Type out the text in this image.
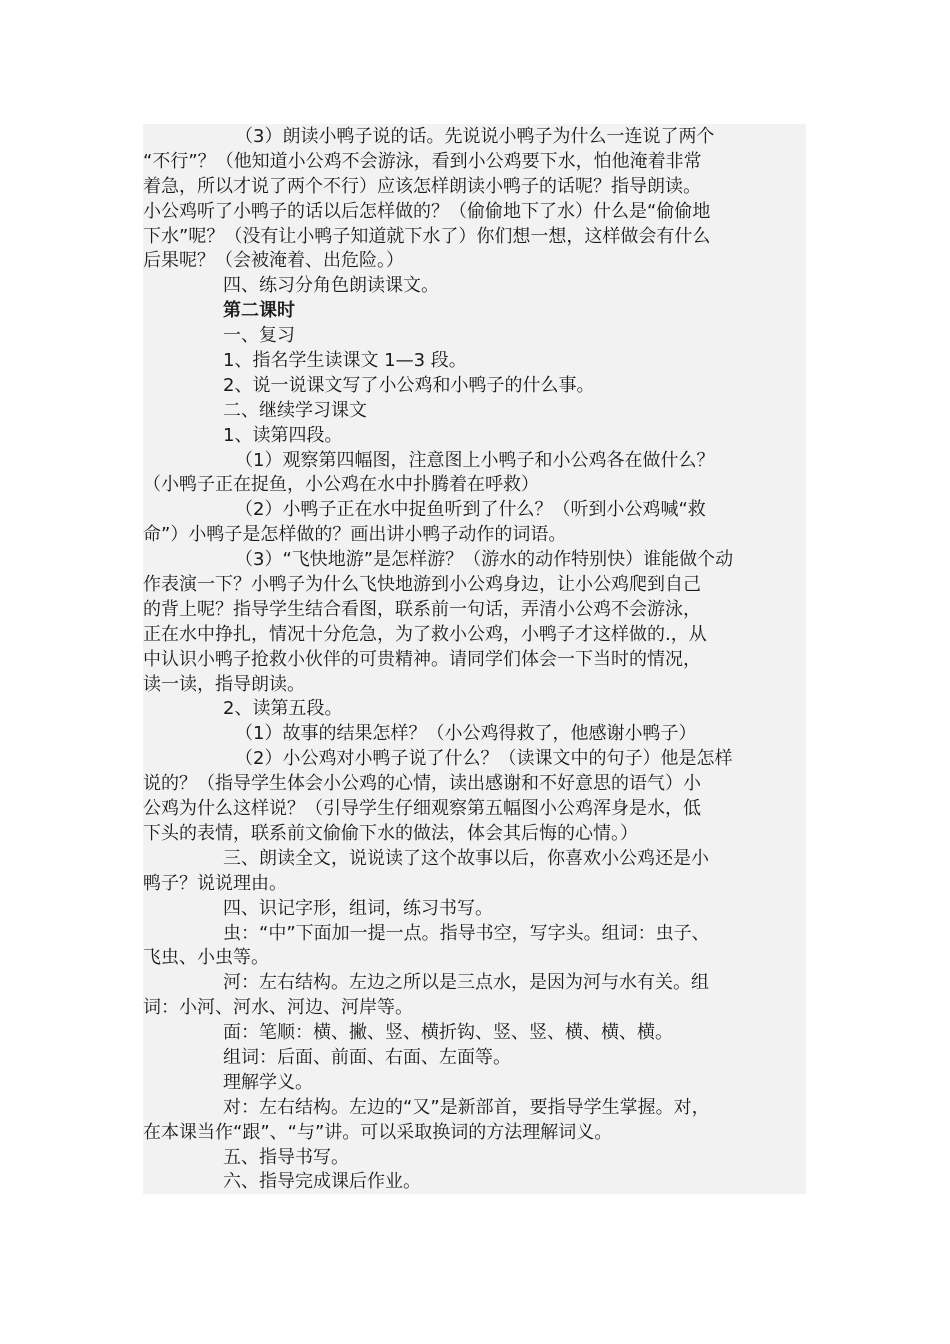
（3）朗读小鸭子说的话。先说说小鸭子为什么一连说了两个
“不行”？（他知道小公鸡不会游泳，看到小公鸡要下水，怕他淹着非常
着急，所以才说了两个不行）应该怎样朗读小鸭子的话呢？指导朗读。
小公鸡听了小鸭子的话以后怎样做的？（偷偷地下了水）什么是“偷偷地
下水”呢？（没有让小鸭子知道就下水了）你们想一想，这样做会有什么
后果呢？（会被淹着、出危险。）
四、练习分角色朗读课文。
第二课时
一、复习
1、指名学生读课文 1—3 段。
2、说一说课文写了小公鸡和小鸭子的什么事。
二、继续学习课文
1、读第四段。
（1）观察第四幅图，注意图上小鸭子和小公鸡各在做什么？
（小鸭子正在捉鱼，小公鸡在水中扑腾着在呼救）
（2）小鸭子正在水中捉鱼听到了什么？（听到小公鸡喊“救
命”）小鸭子是怎样做的？画出讲小鸭子动作的词语。
（3）“飞快地游”是怎样游？（游水的动作特别快）谁能做个动
作表演一下？小鸭子为什么飞快地游到小公鸡身边，让小公鸡爬到自己
的背上呢？指导学生结合看图，联系前一句话，弄清小公鸡不会游泳，
正在水中挣扎，情况十分危急，为了救小公鸡，小鸭子才这样做的.，从
中认识小鸭子抢救小伙伴的可贵精神。请同学们体会一下当时的情况，
读一读，指导朗读。
2、读第五段。
（1）故事的结果怎样？（小公鸡得救了，他感谢小鸭子）
（2）小公鸡对小鸭子说了什么？（读课文中的句子）他是怎样
说的？（指导学生体会小公鸡的心情，读出感谢和不好意思的语气）小
公鸡为什么这样说？（引导学生仔细观察第五幅图小公鸡浑身是水，低
下头的表情，联系前文偷偷下水的做法，体会其后悔的心情。）
三、朗读全文，说说读了这个故事以后，你喜欢小公鸡还是小
鸭子？说说理由。
四、识记字形，组词，练习书写。
虫：“中”下面加一提一点。指导书空，写字头。组词：虫子、
飞虫、小虫等。
河：左右结构。左边之所以是三点水，是因为河与水有关。组
词：小河、河水、河边、河岸等。
面：笔顺：横、撇、竖、横折钩、竖、竖、横、横、横。
组词：后面、前面、右面、左面等。
理解学义。
对：左右结构。左边的“又”是新部首，要指导学生掌握。对，
在本课当作“跟”、“与”讲。可以采取换词的方法理解词义。
五、指导书写。
六、指导完成课后作业。
